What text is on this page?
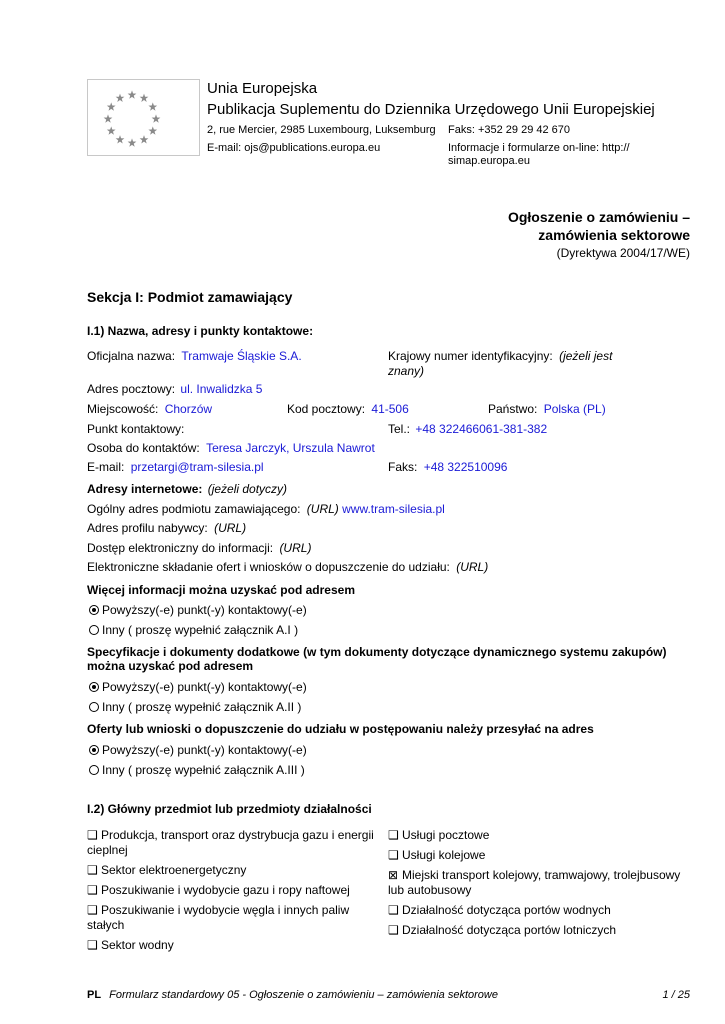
Unia Europejska
Publikacja Suplementu do Dziennika Urzędowego Unii Europejskiej
2, rue Mercier, 2985 Luxembourg, Luksemburg Faks: +352 29 29 42 670
E-mail: ojs@publications.europa.eu	Informacje i formularze on-line: http://
simap.europa.eu
Ogłoszenie o zamówieniu –
zamówienia sektorowe
(Dyrektywa 2004/17/WE)
Sekcja I: Podmiot zamawiający
I.1) Nazwa, adresy i punkty kontaktowe:
Oficjalna nazwa: Tramwaje Śląskie S.A.	Krajowy numer identyfikacyjny: (jeżeli jest
znany)
Adres pocztowy: ul. Inwalidzka 5
Miejscowość: Chorzów	Kod pocztowy: 41-506	Państwo: Polska (PL)
Punkt kontaktowy:	Tel.: +48 322466061-381-382
Osoba do kontaktów: Teresa Jarczyk, Urszula Nawrot
E-mail: przetargi@tram-silesia.pl	Faks: +48 322510096
Adresy internetowe: (jeżeli dotyczy)
Ogólny adres podmiotu zamawiającego: (URL) www.tram-silesia.pl
Adres profilu nabywcy: (URL)
Dostęp elektroniczny do informacji: (URL)
Elektroniczne składanie ofert i wniosków o dopuszczenie do udziału: (URL)
Więcej informacji można uzyskać pod adresem
Powyższy(-e) punkt(-y) kontaktowy(-e)
Inny ( proszę wypełnić załącznik A.I )
Specyfikacje i dokumenty dodatkowe (w tym dokumenty dotyczące dynamicznego systemu zakupów)
można uzyskać pod adresem
Powyższy(-e) punkt(-y) kontaktowy(-e)
Inny ( proszę wypełnić załącznik A.II )
Oferty lub wnioski o dopuszczenie do udziału w postępowaniu należy przesyłać na adres
Powyższy(-e) punkt(-y) kontaktowy(-e)
Inny ( proszę wypełnić załącznik A.III )
I.2) Główny przedmiot lub przedmioty działalności
❑ Produkcja, transport oraz dystrybucja gazu i energii
cieplnej
❑ Sektor elektroenergetyczny
❑ Poszukiwanie i wydobycie gazu i ropy naftowej
❑ Poszukiwanie i wydobycie węgla i innych paliw
stałych
❑ Sektor wodny
❑ Usługi pocztowe
❑ Usługi kolejowe
⊠ Miejski transport kolejowy, tramwajowy, trolejbusowy
lub autobusowy
❑ Działalność dotycząca portów wodnych
❑ Działalność dotycząca portów lotniczych
PL Formularz standardowy 05 - Ogłoszenie o zamówieniu – zamówienia sektorowe	1 / 25
